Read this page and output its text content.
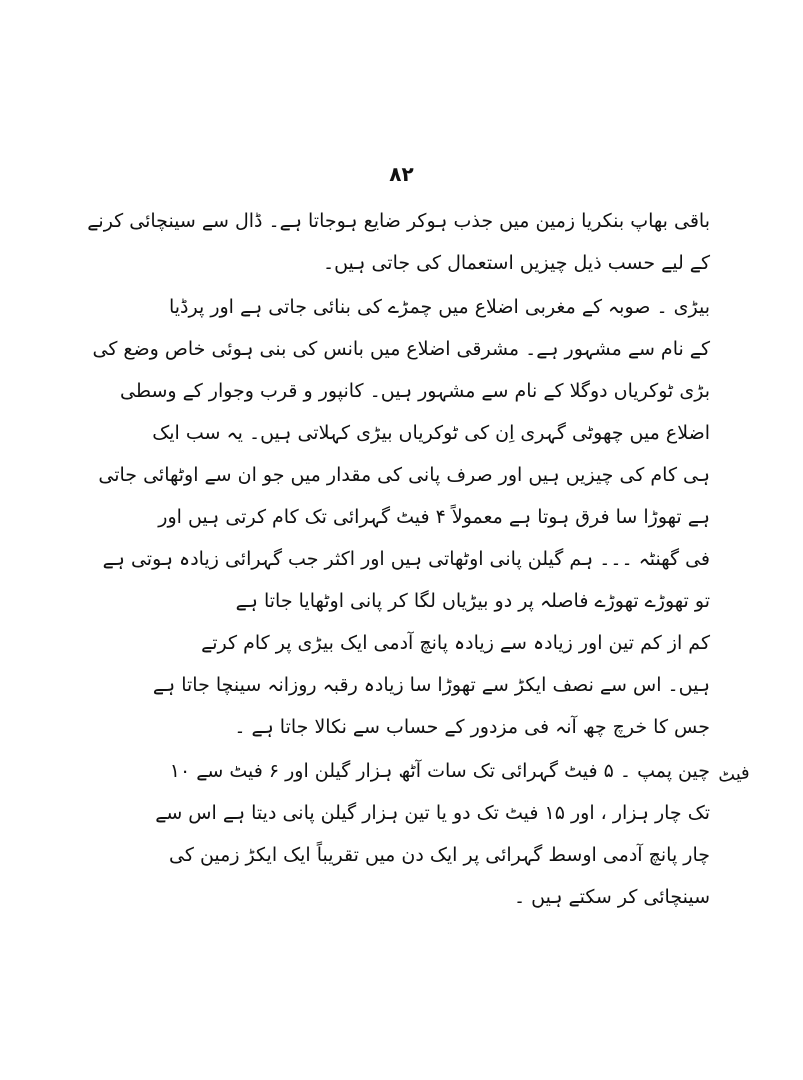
۸۲
باقی بھاپ بنکریا زمین میں جذب ہوکر ضایع ہوجاتا ہے۔ ڈال سے سینچائی کرنے
کے لیے حسب ذیل چیزیں استعمال کی جاتی ہیں۔
بیڑی ۔ صوبہ کے مغربی اضلاع میں چمڑے کی بنائی جاتی ہے اور پرڈیا
کے نام سے مشہور ہے۔ مشرقی اضلاع میں بانس کی بنی ہوئی خاص وضع کی
بڑی ٹوکریاں دوگلا کے نام سے مشہور ہیں۔ کانپور و قرب وجوار کے وسطی
اضلاع میں چھوٹی گہری اِن کی ٹوکریاں بیڑی کہلاتی ہیں۔ یہ سب ایک
ہی کام کی چیزیں ہیں اور صرف پانی کی مقدار میں جو ان سے اوٹھائی جاتی
ہے تھوڑا سا فرق ہوتا ہے معمولاً ۴ فیٹ گہرائی تک کام کرتی ہیں اور
فی گھنٹہ ۔۔۔ ہم گیلن پانی اوٹھاتی ہیں اور اکثر جب گہرائی زیادہ ہوتی ہے
تو تھوڑے تھوڑے فاصلہ پر دو بیڑیاں لگا کر پانی اوٹھایا جاتا ہے
کم از کم تین اور زیادہ سے زیادہ پانچ آدمی ایک بیڑی پر کام کرتے
ہیں۔ اس سے نصف ایکڑ سے تھوڑا سا زیادہ رقبہ روزانہ سینچا جاتا ہے
جس کا خرچ چھ آنہ فی مزدور کے حساب سے نکالا جاتا ہے ۔
چین پمپ ۔ ۵ فیٹ گہرائی تک سات آٹھ ہزار گیلن اور ۶ فیٹ سے ۱۰
تک چار ہزار ، اور ۱۵ فیٹ تک دو یا تین ہزار گیلن پانی دیتا ہے اس سے
چار پانچ آدمی اوسط گہرائی پر ایک دن میں تقریباً ایک ایکڑ زمین کی
سینچائی کر سکتے ہیں ۔
فیٹ
